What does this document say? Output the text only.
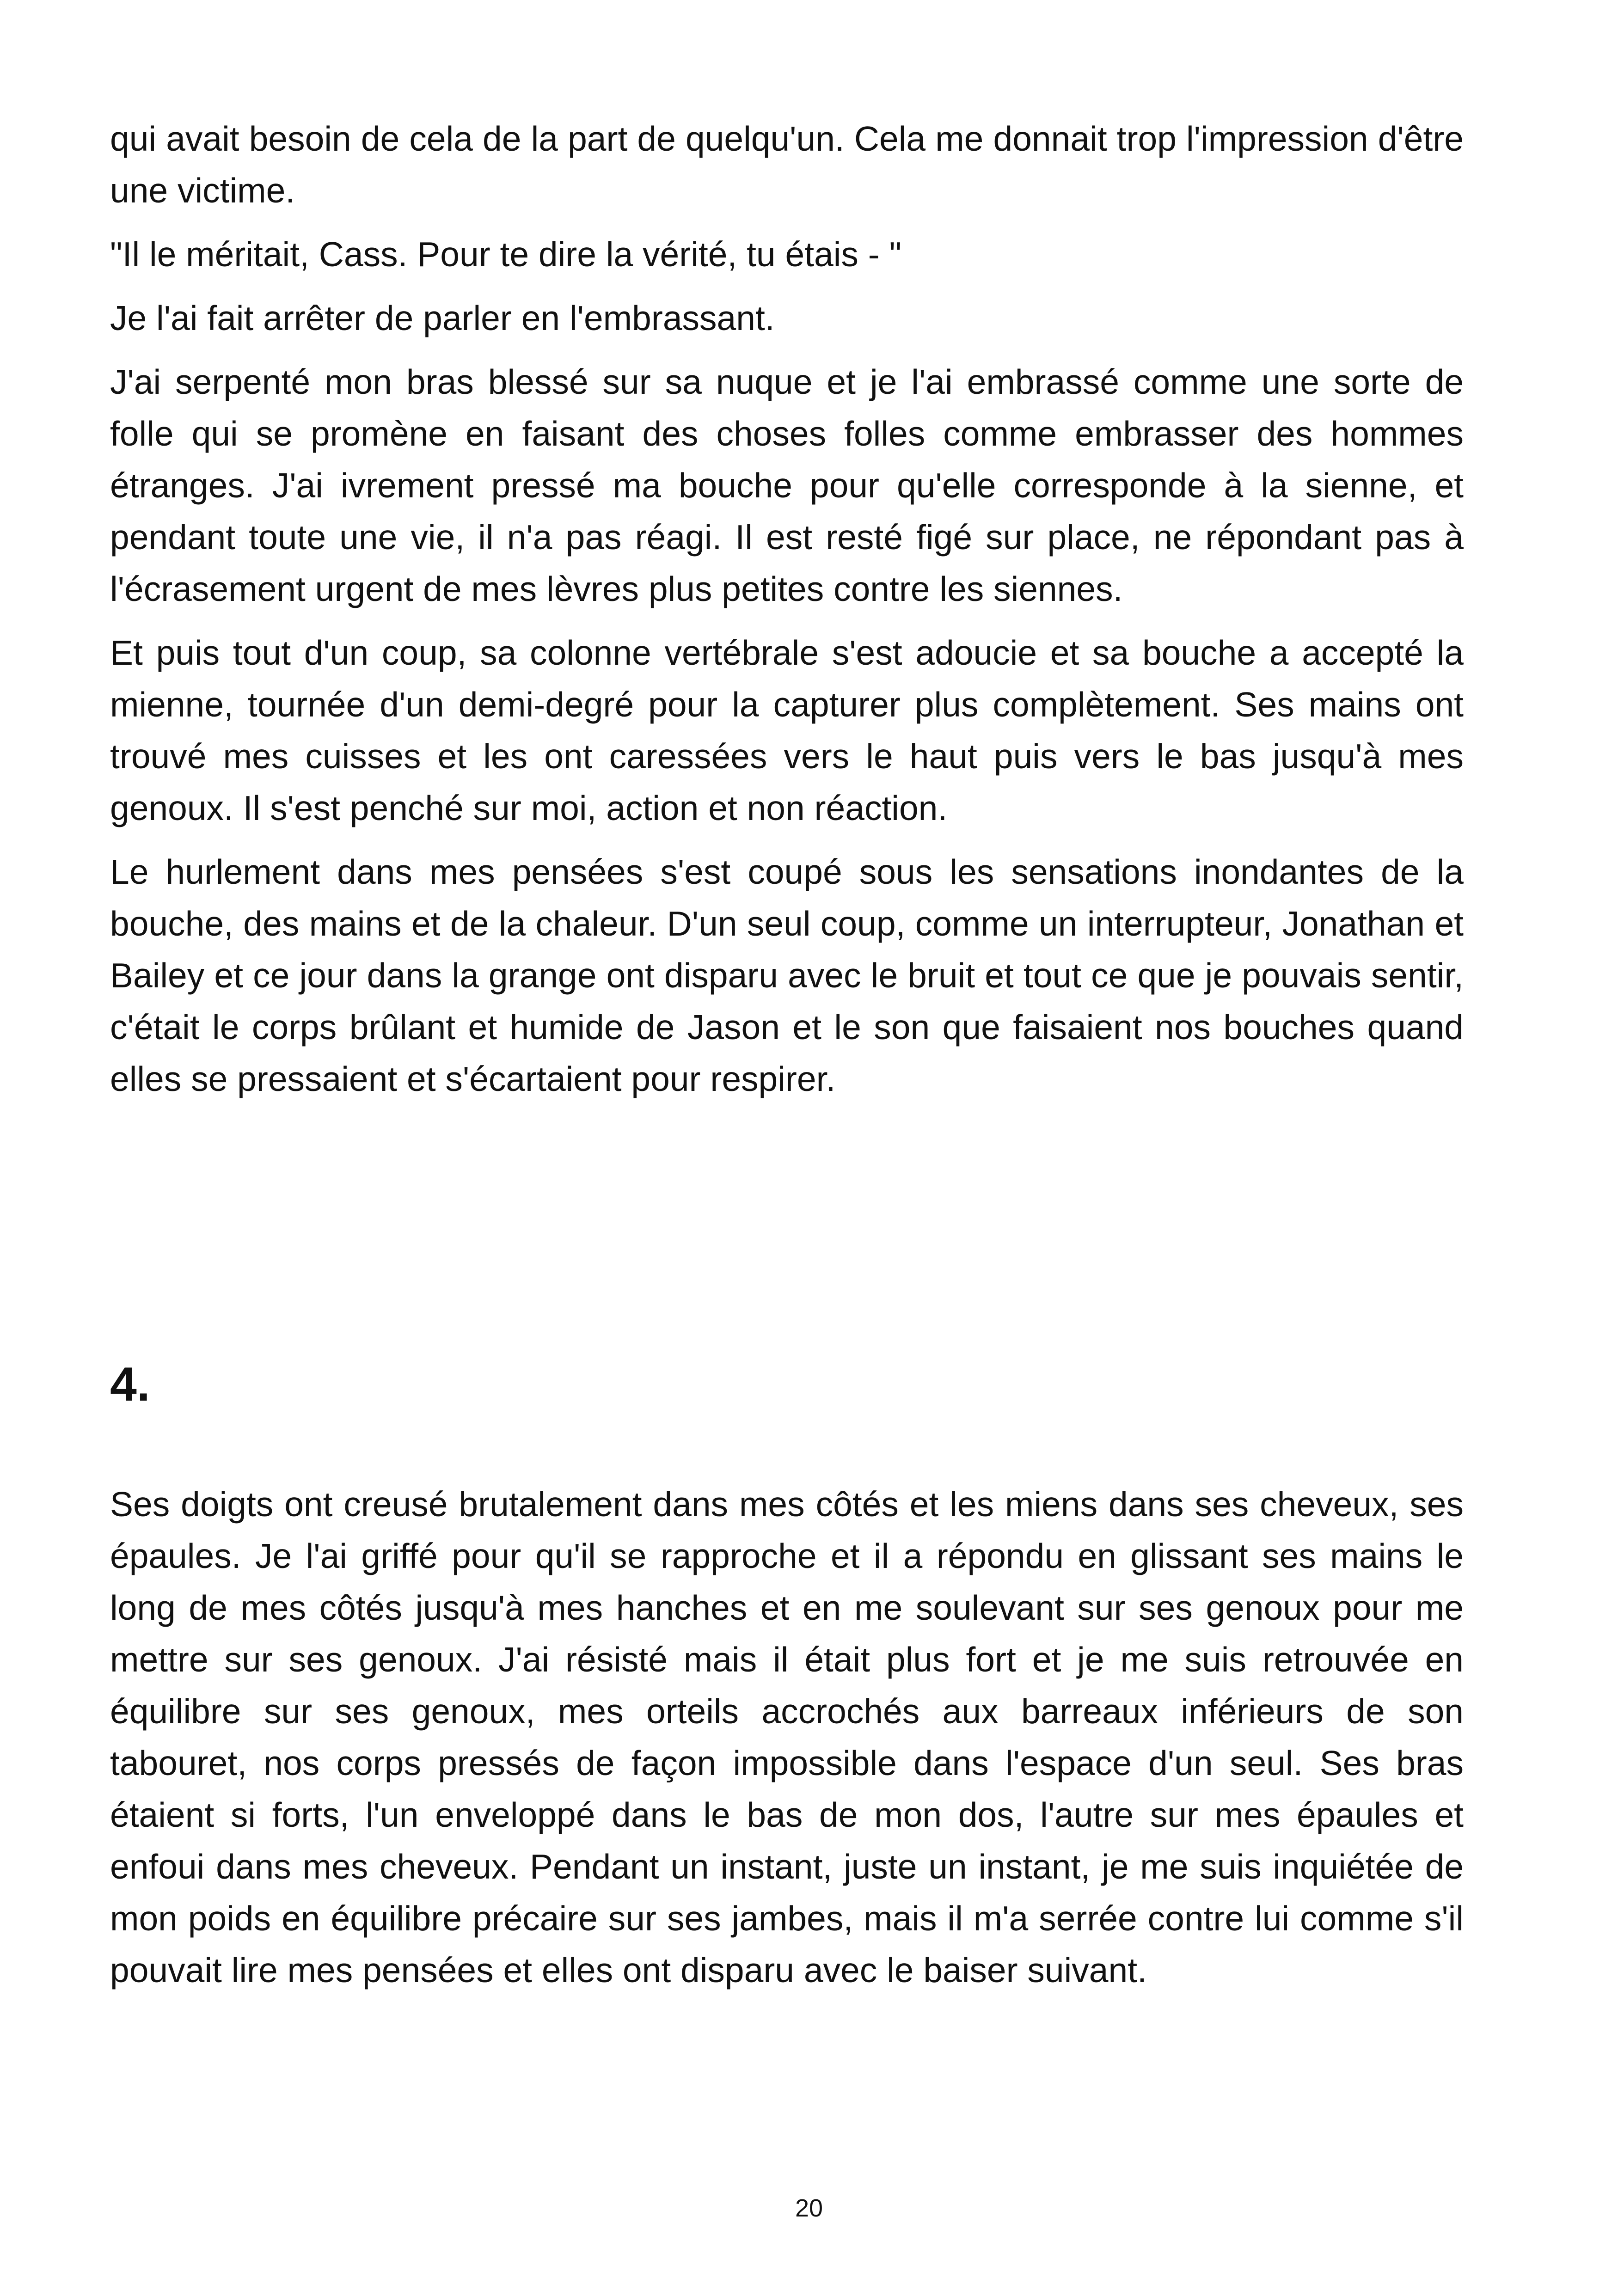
qui avait besoin de cela de la part de quelqu'un. Cela me donnait trop l'impression d'être une victime.

"Il le méritait, Cass. Pour te dire la vérité, tu étais - "

Je l'ai fait arrêter de parler en l'embrassant.

J'ai serpenté mon bras blessé sur sa nuque et je l'ai embrassé comme une sorte de folle qui se promène en faisant des choses folles comme embrasser des hommes étranges. J'ai ivrement pressé ma bouche pour qu'elle corresponde à la sienne, et pendant toute une vie, il n'a pas réagi. Il est resté figé sur place, ne répondant pas à l'écrasement urgent de mes lèvres plus petites contre les siennes.

Et puis tout d'un coup, sa colonne vertébrale s'est adoucie et sa bouche a accepté la mienne, tournée d'un demi-degré pour la capturer plus complètement. Ses mains ont trouvé mes cuisses et les ont caressées vers le haut puis vers le bas jusqu'à mes genoux. Il s'est penché sur moi, action et non réaction.

Le hurlement dans mes pensées s'est coupé sous les sensations inondantes de la bouche, des mains et de la chaleur. D'un seul coup, comme un interrupteur, Jonathan et Bailey et ce jour dans la grange ont disparu avec le bruit et tout ce que je pouvais sentir, c'était le corps brûlant et humide de Jason et le son que faisaient nos bouches quand elles se pressaient et s'écartaient pour respirer.

4.

Ses doigts ont creusé brutalement dans mes côtés et les miens dans ses cheveux, ses épaules. Je l'ai griffé pour qu'il se rapproche et il a répondu en glissant ses mains le long de mes côtés jusqu'à mes hanches et en me soulevant sur ses genoux pour me mettre sur ses genoux. J'ai résisté mais il était plus fort et je me suis retrouvée en équilibre sur ses genoux, mes orteils accrochés aux barreaux inférieurs de son tabouret, nos corps pressés de façon impossible dans l'espace d'un seul. Ses bras étaient si forts, l'un enveloppé dans le bas de mon dos, l'autre sur mes épaules et enfoui dans mes cheveux. Pendant un instant, juste un instant, je me suis inquiétée de mon poids en équilibre précaire sur ses jambes, mais il m'a serrée contre lui comme s'il pouvait lire mes pensées et elles ont disparu avec le baiser suivant.

20
